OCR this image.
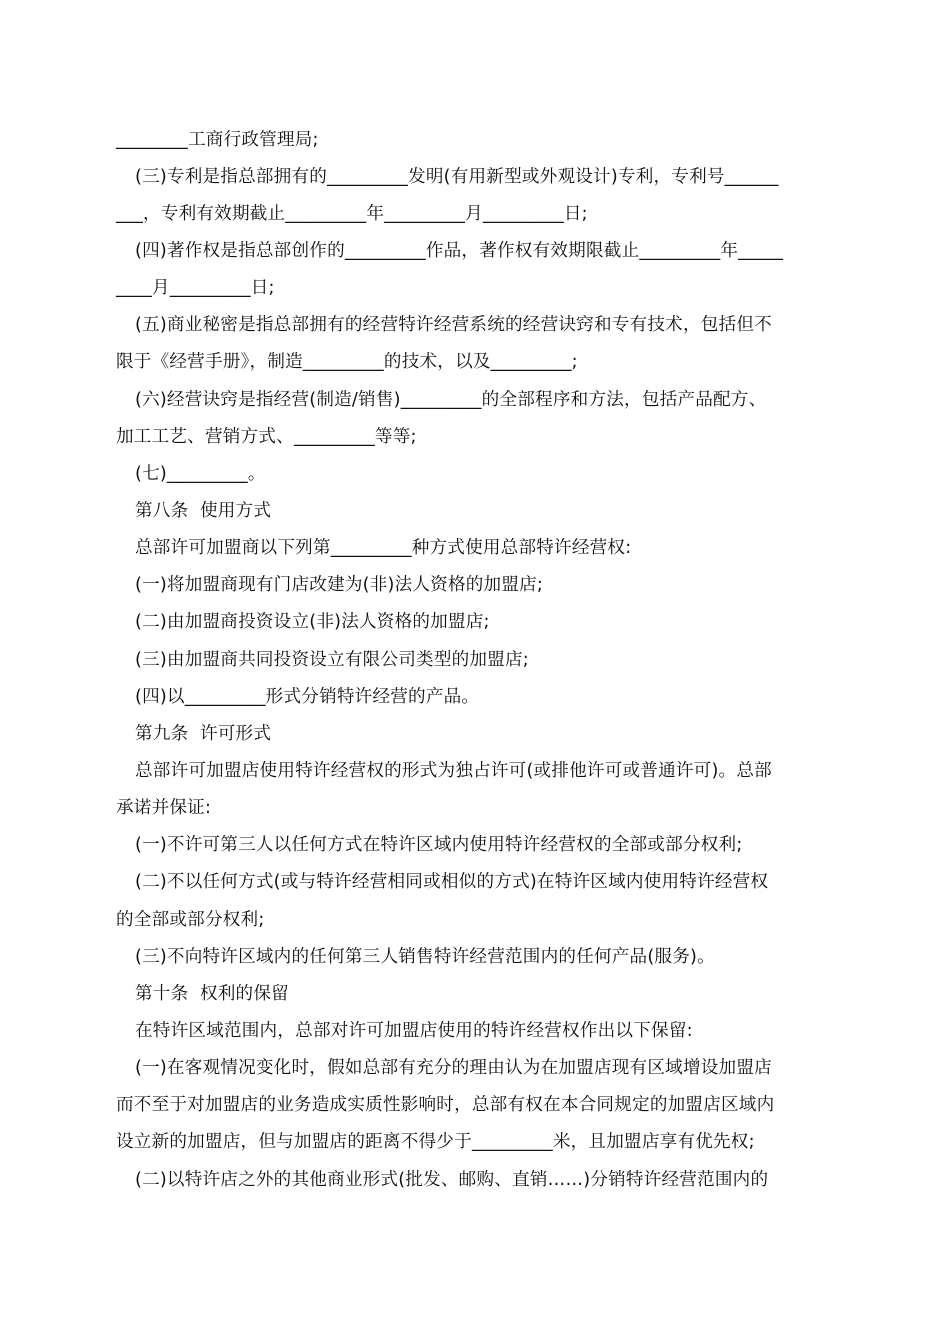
________工商行政管理局;
(三)专利是指总部拥有的_________发明(有用新型或外观设计)专利，专利号______
___，专利有效期截止_________年_________月_________日;
(四)著作权是指总部创作的_________作品，著作权有效期限截止_________年_____
____月_________日;
(五)商业秘密是指总部拥有的经营特许经营系统的经营诀窍和专有技术，包括但不
限于《经营手册》，制造_________的技术，以及_________;
(六)经营诀窍是指经营(制造/销售)_________的全部程序和方法，包括产品配方、
加工工艺、营销方式、_________等等;
(七)_________。
第八条  使用方式
总部许可加盟商以下列第_________种方式使用总部特许经营权:
(一)将加盟商现有门店改建为(非)法人资格的加盟店;
(二)由加盟商投资设立(非)法人资格的加盟店;
(三)由加盟商共同投资设立有限公司类型的加盟店;
(四)以_________形式分销特许经营的产品。
第九条  许可形式
总部许可加盟店使用特许经营权的形式为独占许可(或排他许可或普通许可)。总部
承诺并保证:
(一)不许可第三人以任何方式在特许区域内使用特许经营权的全部或部分权利;
(二)不以任何方式(或与特许经营相同或相似的方式)在特许区域内使用特许经营权
的全部或部分权利;
(三)不向特许区域内的任何第三人销售特许经营范围内的任何产品(服务)。
第十条  权利的保留
在特许区域范围内，总部对许可加盟店使用的特许经营权作出以下保留:
(一)在客观情况变化时，假如总部有充分的理由认为在加盟店现有区域增设加盟店
而不至于对加盟店的业务造成实质性影响时，总部有权在本合同规定的加盟店区域内
设立新的加盟店，但与加盟店的距离不得少于_________米，且加盟店享有优先权;
(二)以特许店之外的其他商业形式(批发、邮购、直销……)分销特许经营范围内的
